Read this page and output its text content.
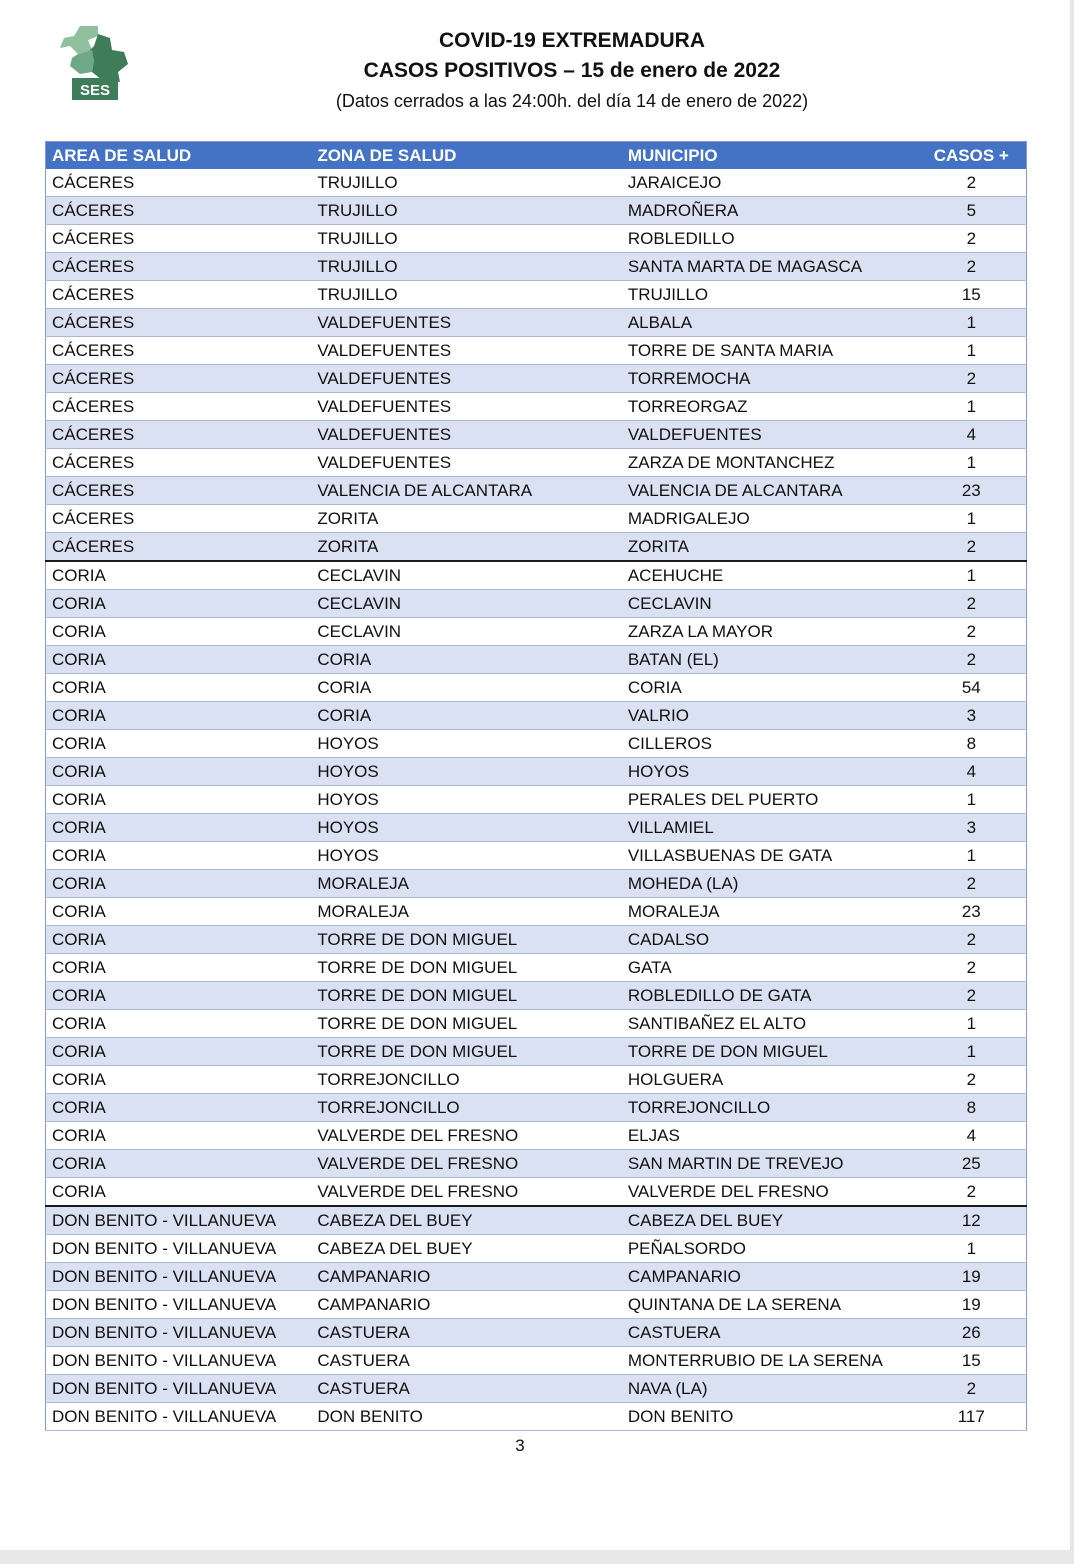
SES
COVID-19 EXTREMADURA
CASOS POSITIVOS – 15 de enero de 2022
(Datos cerrados a las 24:00h. del día 14 de enero de 2022)
AREA DE SALUD	ZONA DE SALUD	MUNICIPIO	CASOS +
CÁCERES	TRUJILLO	JARAICEJO	2
CÁCERES	TRUJILLO	MADROÑERA	5
CÁCERES	TRUJILLO	ROBLEDILLO	2
CÁCERES	TRUJILLO	SANTA MARTA DE MAGASCA	2
CÁCERES	TRUJILLO	TRUJILLO	15
CÁCERES	VALDEFUENTES	ALBALA	1
CÁCERES	VALDEFUENTES	TORRE DE SANTA MARIA	1
CÁCERES	VALDEFUENTES	TORREMOCHA	2
CÁCERES	VALDEFUENTES	TORREORGAZ	1
CÁCERES	VALDEFUENTES	VALDEFUENTES	4
CÁCERES	VALDEFUENTES	ZARZA DE MONTANCHEZ	1
CÁCERES	VALENCIA DE ALCANTARA	VALENCIA DE ALCANTARA	23
CÁCERES	ZORITA	MADRIGALEJO	1
CÁCERES	ZORITA	ZORITA	2
CORIA	CECLAVIN	ACEHUCHE	1
CORIA	CECLAVIN	CECLAVIN	2
CORIA	CECLAVIN	ZARZA LA MAYOR	2
CORIA	CORIA	BATAN (EL)	2
CORIA	CORIA	CORIA	54
CORIA	CORIA	VALRIO	3
CORIA	HOYOS	CILLEROS	8
CORIA	HOYOS	HOYOS	4
CORIA	HOYOS	PERALES DEL PUERTO	1
CORIA	HOYOS	VILLAMIEL	3
CORIA	HOYOS	VILLASBUENAS DE GATA	1
CORIA	MORALEJA	MOHEDA (LA)	2
CORIA	MORALEJA	MORALEJA	23
CORIA	TORRE DE DON MIGUEL	CADALSO	2
CORIA	TORRE DE DON MIGUEL	GATA	2
CORIA	TORRE DE DON MIGUEL	ROBLEDILLO DE GATA	2
CORIA	TORRE DE DON MIGUEL	SANTIBAÑEZ EL ALTO	1
CORIA	TORRE DE DON MIGUEL	TORRE DE DON MIGUEL	1
CORIA	TORREJONCILLO	HOLGUERA	2
CORIA	TORREJONCILLO	TORREJONCILLO	8
CORIA	VALVERDE DEL FRESNO	ELJAS	4
CORIA	VALVERDE DEL FRESNO	SAN MARTIN DE TREVEJO	25
CORIA	VALVERDE DEL FRESNO	VALVERDE DEL FRESNO	2
DON BENITO - VILLANUEVA	CABEZA DEL BUEY	CABEZA DEL BUEY	12
DON BENITO - VILLANUEVA	CABEZA DEL BUEY	PEÑALSORDO	1
DON BENITO - VILLANUEVA	CAMPANARIO	CAMPANARIO	19
DON BENITO - VILLANUEVA	CAMPANARIO	QUINTANA DE LA SERENA	19
DON BENITO - VILLANUEVA	CASTUERA	CASTUERA	26
DON BENITO - VILLANUEVA	CASTUERA	MONTERRUBIO DE LA SERENA	15
DON BENITO - VILLANUEVA	CASTUERA	NAVA (LA)	2
DON BENITO - VILLANUEVA	DON BENITO	DON BENITO	117
3
